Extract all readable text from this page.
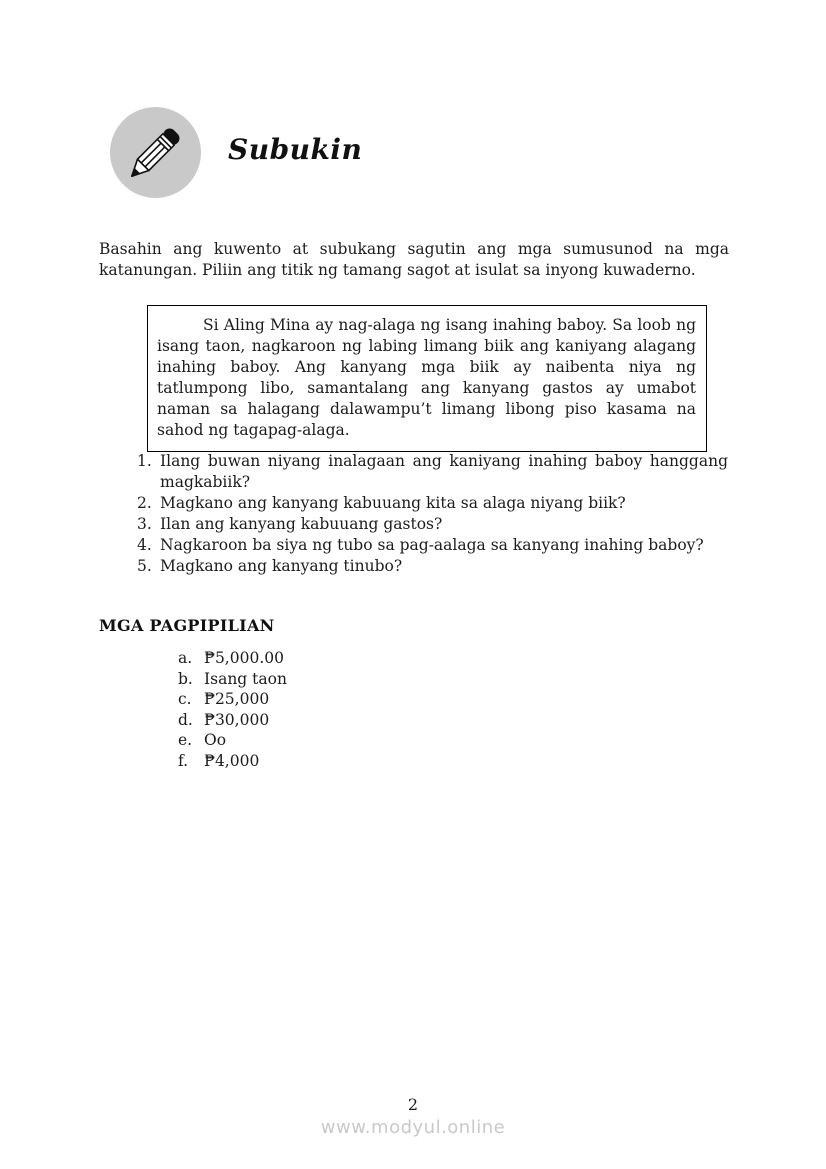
Subukin

Basahin ang kuwento at subukang sagutin ang mga sumusunod na mga katanungan. Piliin ang titik ng tamang sagot at isulat sa inyong kuwaderno.

Si Aling Mina ay nag-alaga ng isang inahing baboy. Sa loob ng isang taon, nagkaroon ng labing limang biik ang kaniyang alagang inahing baboy. Ang kanyang mga biik ay naibenta niya ng tatlumpong libo, samantalang ang kanyang gastos ay umabot naman sa halagang dalawampu’t limang libong piso kasama na sahod ng tagapag-alaga.

1. Ilang buwan niyang inalagaan ang kaniyang inahing baboy hanggang magkabiik?
2. Magkano ang kanyang kabuuang kita sa alaga niyang biik?
3. Ilan ang kanyang kabuuang gastos?
4. Nagkaroon ba siya ng tubo sa pag-aalaga sa kanyang inahing baboy?
5. Magkano ang kanyang tinubo?
MGA PAGPIPILIAN
a. ₱5,000.00
b. Isang taon
c. ₱25,000
d. ₱30,000
e. Oo
f.	₱4,000
2
www.modyul.online
